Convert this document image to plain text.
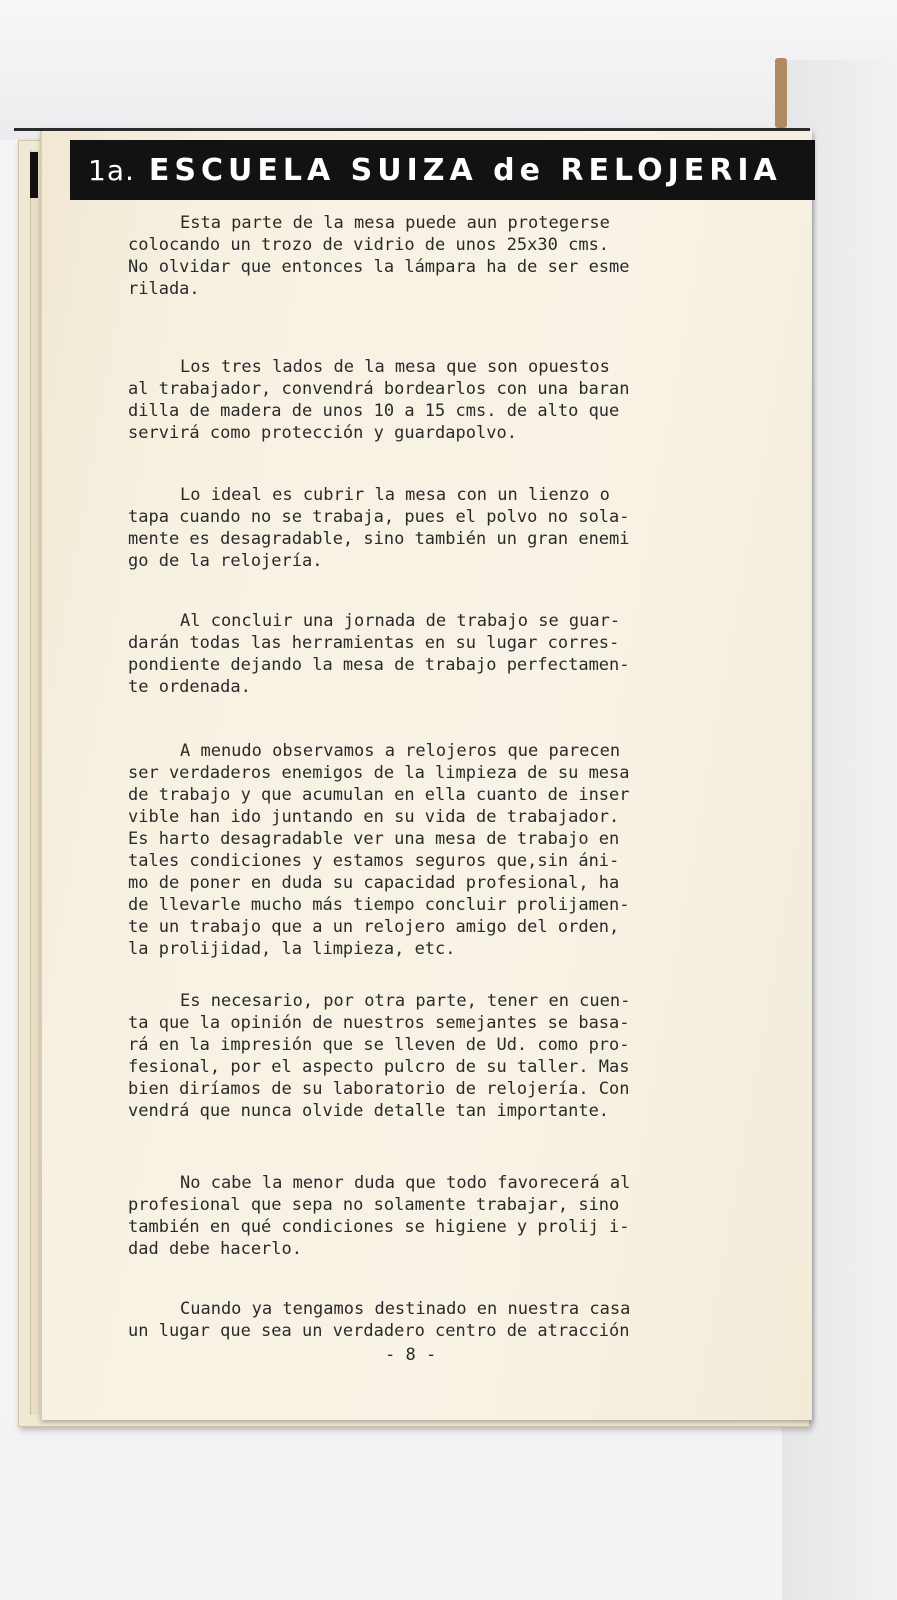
1a. ESCUELA SUIZA de RELOJERIA
Esta parte de la mesa puede aun protegerse
colocando un trozo de vidrio de unos 25x30 cms.
No olvidar que entonces la lámpara ha de ser esme
rilada.
Los tres lados de la mesa que son opuestos
al trabajador, convendrá bordearlos con una baran
dilla de madera de unos 10 a 15 cms. de alto que
servirá como protección y guardapolvo.
Lo ideal es cubrir la mesa con un lienzo o
tapa cuando no se trabaja, pues el polvo no sola-
mente es desagradable, sino también un gran enemi
go de la relojería.
Al concluir una jornada de trabajo se guar-
darán todas las herramientas en su lugar corres-
pondiente dejando la mesa de trabajo perfectamen-
te ordenada.
A menudo observamos a relojeros que parecen
ser verdaderos enemigos de la limpieza de su mesa
de trabajo y que acumulan en ella cuanto de inser
vible han ido juntando en su vida de trabajador.
Es harto desagradable ver una mesa de trabajo en
tales condiciones y estamos seguros que,sin áni-
mo de poner en duda su capacidad profesional, ha
de llevarle mucho más tiempo concluir prolijamen-
te un trabajo que a un relojero amigo del orden,
la prolijidad, la limpieza, etc.
Es necesario, por otra parte, tener en cuen-
ta que la opinión de nuestros semejantes se basa-
rá en la impresión que se lleven de Ud. como pro-
fesional, por el aspecto pulcro de su taller. Mas
bien diríamos de su laboratorio de relojería. Con
vendrá que nunca olvide detalle tan importante.
No cabe la menor duda que todo favorecerá al
profesional que sepa no solamente trabajar, sino
también en qué condiciones se higiene y prolij i-
dad debe hacerlo.
Cuando ya tengamos destinado en nuestra casa
un lugar que sea un verdadero centro de atracción
- 8 -
